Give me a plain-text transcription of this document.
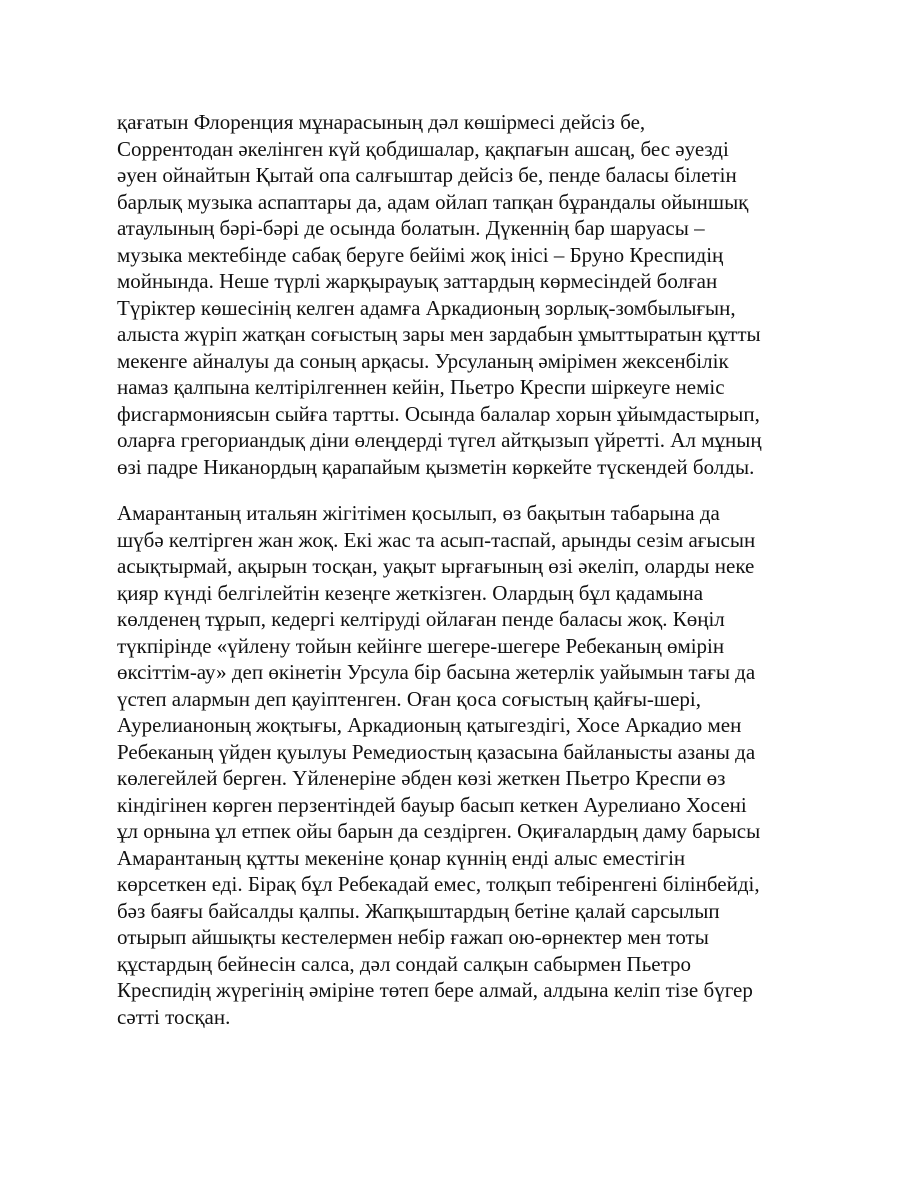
қағатын Флоренция мұнарасының дәл көшірмесі дейсіз бе,
Соррентодан әкелінген күй қобдишалар, қақпағын ашсаң, бес әуезді
әуен ойнайтын Қытай опа салғыштар дейсіз бе, пенде баласы білетін
барлық музыка аспаптары да, адам ойлап тапқан бұрандалы ойыншық
атаулының бәрі-бәрі де осында болатын. Дүкеннің бар шаруасы –
музыка мектебінде сабақ беруге бейімі жоқ інісі – Бруно Креспидің
мойнында. Неше түрлі жарқырауық заттардың көрмесіндей болған
Түріктер көшесінің келген адамға Аркадионың зорлық-зомбылығын,
алыста жүріп жатқан соғыстың зары мен зардабын ұмыттыратын құтты
мекенге айналуы да соның арқасы. Урсуланың әмірімен жексенбілік
намаз қалпына келтірілгеннен кейін, Пьетро Креспи шіркеуге неміс
фисгармониясын сыйға тартты. Осында балалар хорын ұйымдастырып,
оларға грегориандық діни өлеңдерді түгел айтқызып үйретті. Ал мұның
өзі падре Никанордың қарапайым қызметін көркейте түскендей болды.
Амарантаның итальян жігітімен қосылып, өз бақытын табарына да
шүбә келтірген жан жоқ. Екі жас та асып-таспай, арынды сезім ағысын
асықтырмай, ақырын тосқан, уақыт ырғағының өзі әкеліп, оларды неке
қияр күнді белгілейтін кезеңге жеткізген. Олардың бұл қадамына
көлденең тұрып, кедергі келтіруді ойлаған пенде баласы жоқ. Көңіл
түкпірінде «үйлену тойын кейінге шегере-шегере Ребеканың өмірін
өксіттім-ау» деп өкінетін Урсула бір басына жетерлік уайымын тағы да
үстеп алармын деп қауіптенген. Оған қоса соғыстың қайғы-шері,
Аурелианоның жоқтығы, Аркадионың қатыгездігі, Хосе Аркадио мен
Ребеканың үйден қуылуы Ремедиостың қазасына байланысты азаны да
көлегейлей берген. Үйленеріне әбден көзі жеткен Пьетро Креспи өз
кіндігінен көрген перзентіндей бауыр басып кеткен Аурелиано Хосені
ұл орнына ұл етпек ойы барын да сездірген. Оқиғалардың даму барысы
Амарантаның құтты мекеніне қонар күннің енді алыс еместігін
көрсеткен еді. Бірақ бұл Ребекадай емес, толқып тебіренгені білінбейді,
бәз баяғы байсалды қалпы. Жапқыштардың бетіне қалай сарсылып
отырып айшықты кестелермен небір ғажап ою-өрнектер мен тоты
құстардың бейнесін салса, дәл сондай салқын сабырмен Пьетро
Креспидің жүрегінің әміріне төтеп бере алмай, алдына келіп тізе бүгер
сәтті тосқан.
